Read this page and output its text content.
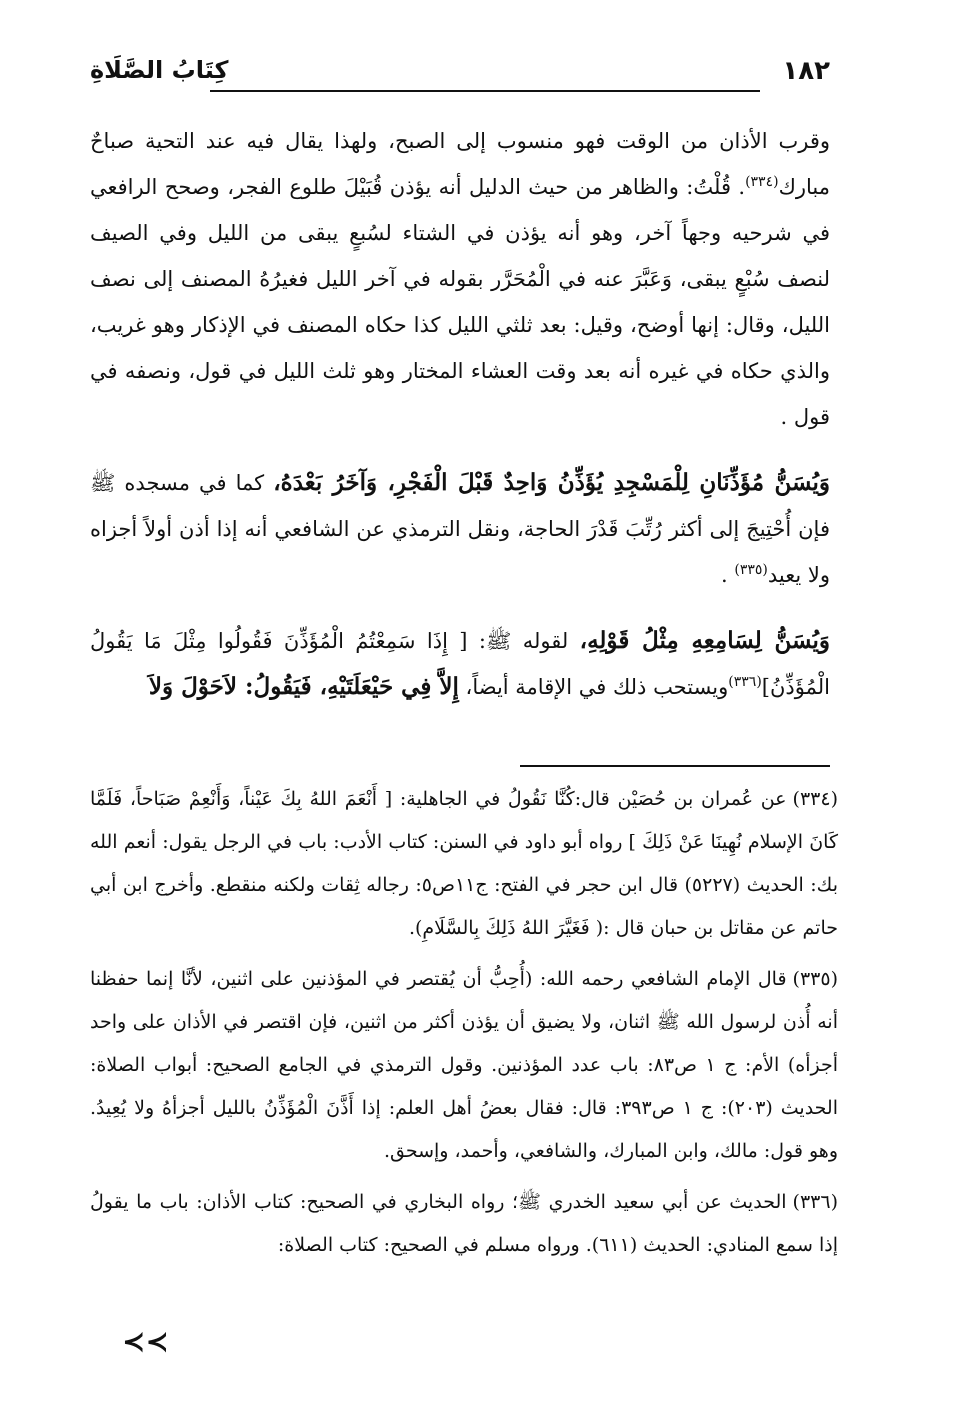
١٨٢
كِتَابُ الصَّلَاةِ

وقرب الأذان من الوقت فهو منسوب إلى الصبح، ولهذا يقال فيه عند التحية صباحٌ مبارك$^{(٣٣٤)}$. قُلْتُ: والظاهر من حيث الدليل أنه يؤذن قُبَيْلَ طلوع الفجر، وصحح الرافعي في شرحيه وجهاً آخر، وهو أنه يؤذن في الشتاء لسُبعٍ يبقى من الليل وفي الصيف لنصف سُبْعٍ يبقى، وَعَبَّرَ عنه في الْمُحَرَّر بقوله في آخر الليل فغيرُهُ المصنف إلى نصف الليل، وقال: إنها أوضح، وقيل: بعد ثلثي الليل كذا حكاه المصنف في الإذكار وهو غريب، والذي حكاه في غيره أنه بعد وقت العشاء المختار وهو ثلث الليل في قول، ونصفه في قول .

وَيُسَنُّ مُؤَذِّنَانِ لِلْمَسْجِدِ يُؤَذِّنُ وَاحِدٌ قَبْلَ الْفَجْرِ، وَآخَرُ بَعْدَهُ، كما في مسجده ﷺ فإن أُحْتِيجَ إلى أكثر رُتِّبَ قَدْرَ الحاجة، ونقل الترمذي عن الشافعي أنه إذا أذن أولاً أجزاه ولا يعيد$^{(٣٣٥)}$ .

وَيُسَنُّ لِسَامِعِهِ مِثْلُ قَوْلِهِ، لقوله ﷺ: [ إِذَا سَمِعْتُمُ الْمُؤَذِّنَ فَقُولُوا مِثْلَ مَا يَقُولُ الْمُؤَذِّنُ]$^{(٣٣٦)}$ويستحب ذلك في الإقامة أيضاً، إِلاَّ فِي حَيْعَلَتَيْهِ، فَيَقُولُ: لاَحَوْلَ وَلاَ

(٣٣٤)عن عُمران بن حُصَيْن قال:كُنَّا نَقُولُ في الجاهلية: [ أَنْعَمَ اللهُ بِكَ عَيْناً، وَأَنْعِمْ صَبَاحاً، فَلَمَّا كَانَ الإسلام نُهِينَا عَنْ ذَلِكَ ] رواه أبو داود في السنن: كتاب الأدب: باب في الرجل يقول: أنعم الله بك: الحديث (٥٢٢٧) قال ابن حجر في الفتح: ج١١ص٥: رجاله ثِقات ولكنه منقطع. وأخرج ابن أبي حاتم عن مقاتل بن حبان قال :( فَغَيَّرَ اللهُ ذَلِكَ بِالسَّلَامِ).
(٣٣٥)قال الإمام الشافعي رحمه الله: (أُحِبُّ أن يُقتصر في المؤذنين على اثنين، لأنَّا إنما حفظنا أنه أُذن لرسول الله ﷺ اثنان، ولا يضيق أن يؤذن أكثر من اثنين، فإن اقتصر في الأذان على واحد أجزأه) الأم: ج ١ ص٨٣: باب عدد المؤذنين. وقول الترمذي في الجامع الصحيح: أبواب الصلاة: الحديث (٢٠٣): ج ١ ص٣٩٣: قال: فقال بعضُ أهل العلم: إذا أَذَّنَ الْمُؤَذِّنُ بالليل أجزأهُ ولا يُعِيدُ. وهو قول: مالك، وابن المبارك، والشافعي، وأحمد، وإسحق.
(٣٣٦)الحديث عن أبي سعيد الخدري ﷺ؛ رواه البخاري في الصحيح: كتاب الأذان: باب ما يقولُ إذا سمع المنادي: الحديث (٦١١). ورواه مسلم في الصحيح: كتاب الصلاة:
≺≺
